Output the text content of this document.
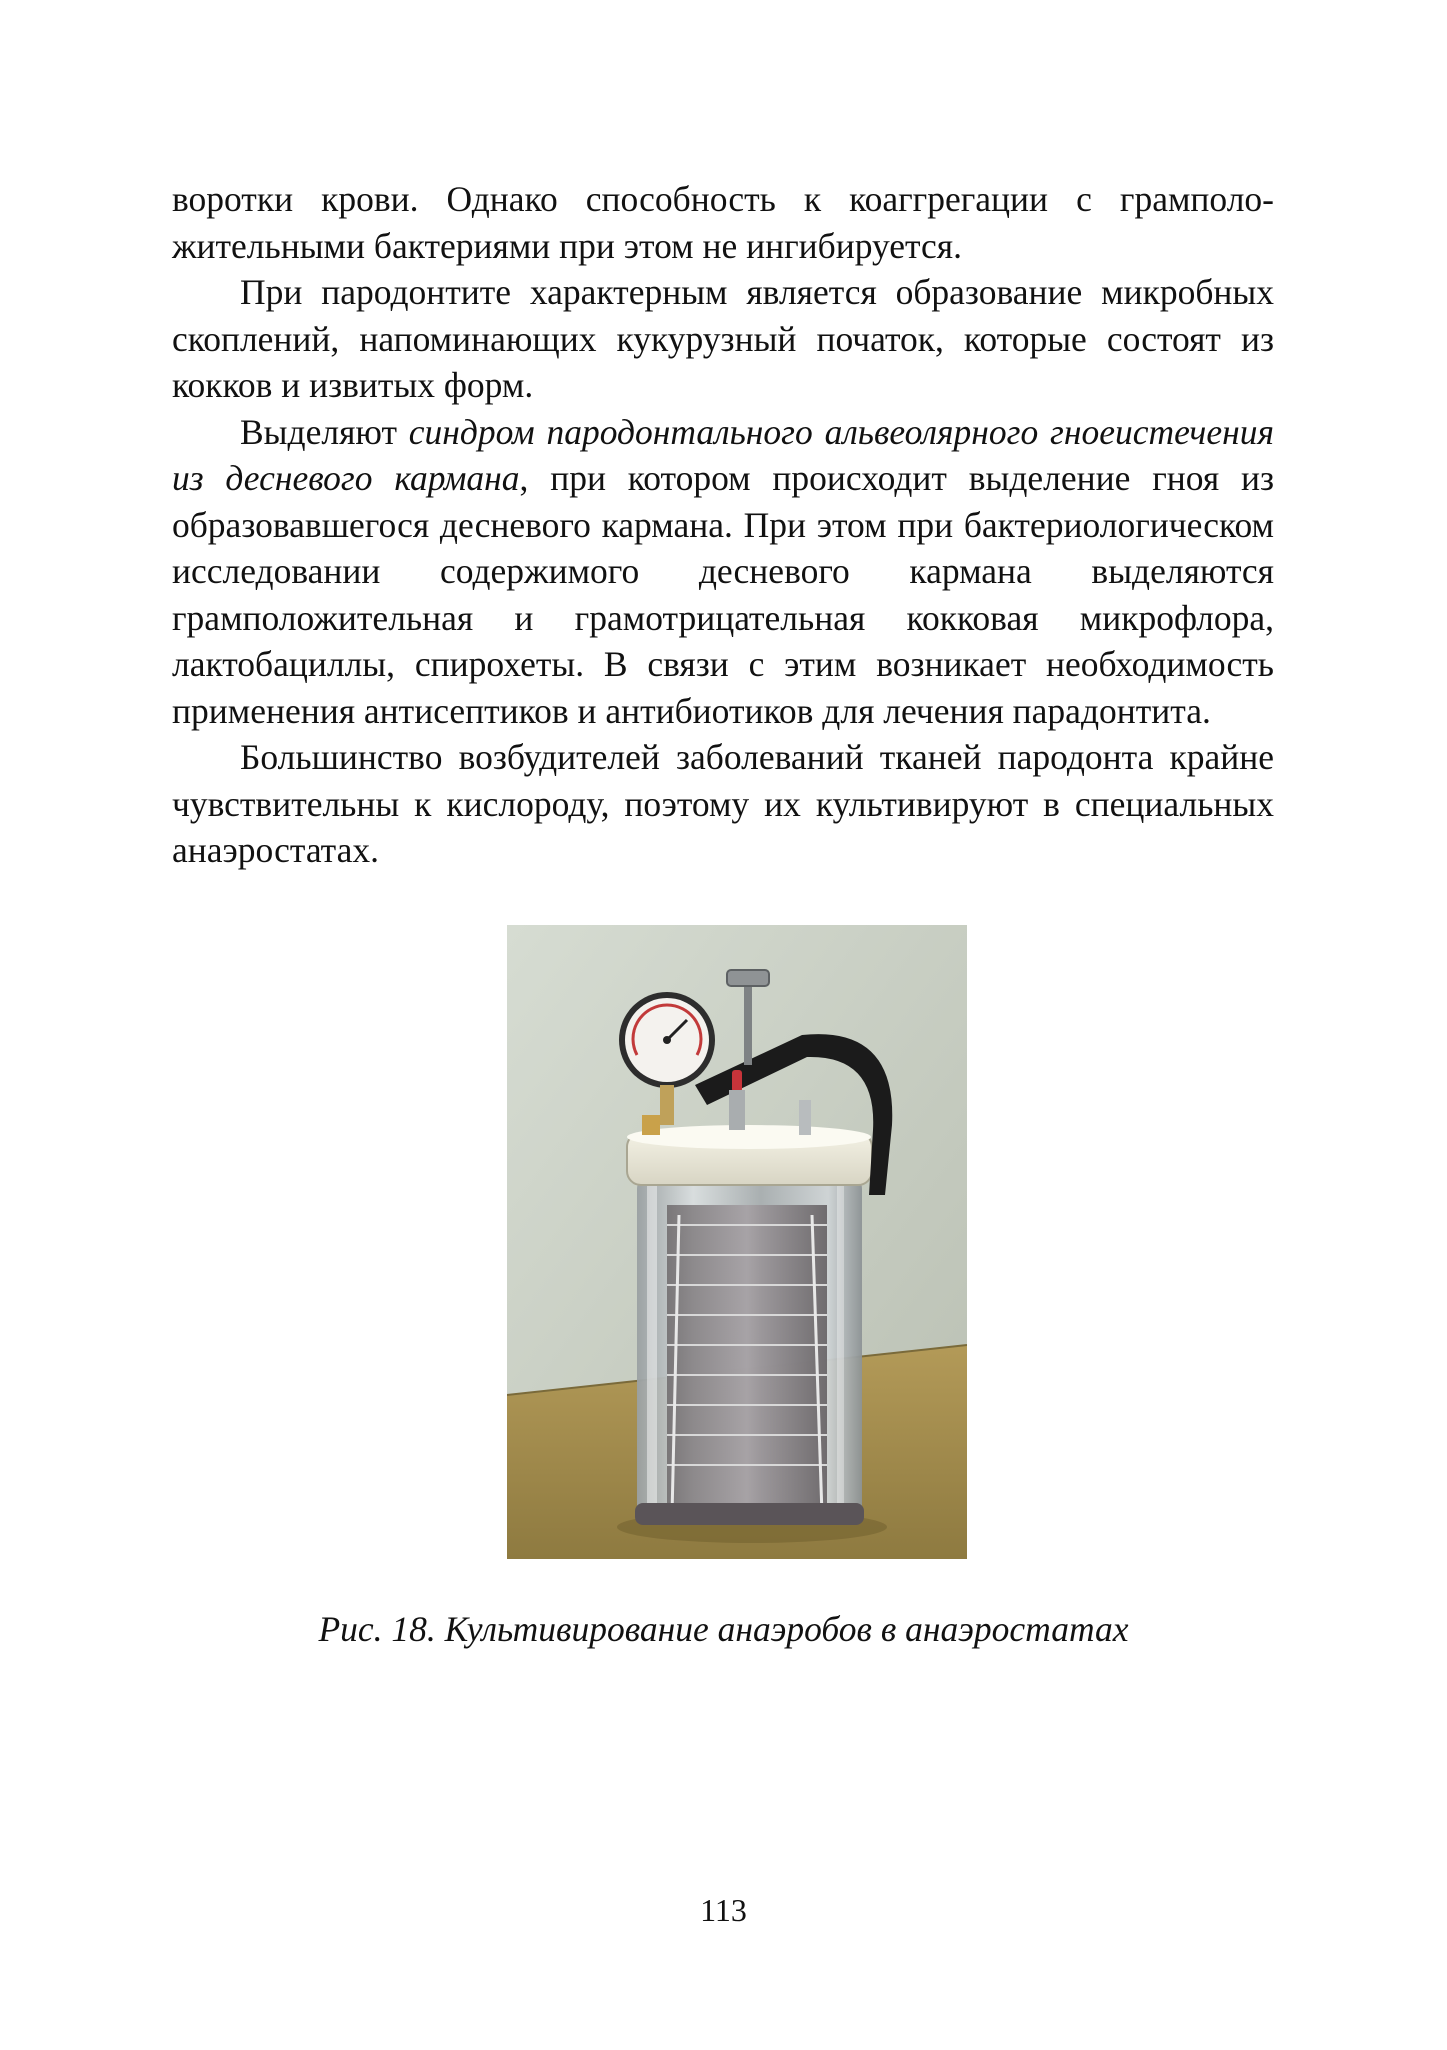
воротки крови. Однако способность к коаггрегации с грамположительными бактериями при этом не ингибируется.

При пародонтите характерным является образование микробных скоплений, напоминающих кукурузный початок, которые состоят из кокков и извитых форм.

Выделяют синдром пародонтального альвеолярного гноеистечения из десневого кармана, при котором происходит выделение гноя из образовавшегося десневого кармана. При этом при бактериологическом исследовании содержимого десневого кармана выделяются грамположительная и грамотрицательная кокковая микрофлора, лактобациллы, спирохеты. В связи с этим возникает необходимость применения антисептиков и антибиотиков для лечения парадонтита.

Большинство возбудителей заболеваний тканей пародонта крайне чувствительны к кислороду, поэтому их культивируют в специальных анаэростатах.

Рис. 18. Культивирование анаэробов в анаэростатах
113
